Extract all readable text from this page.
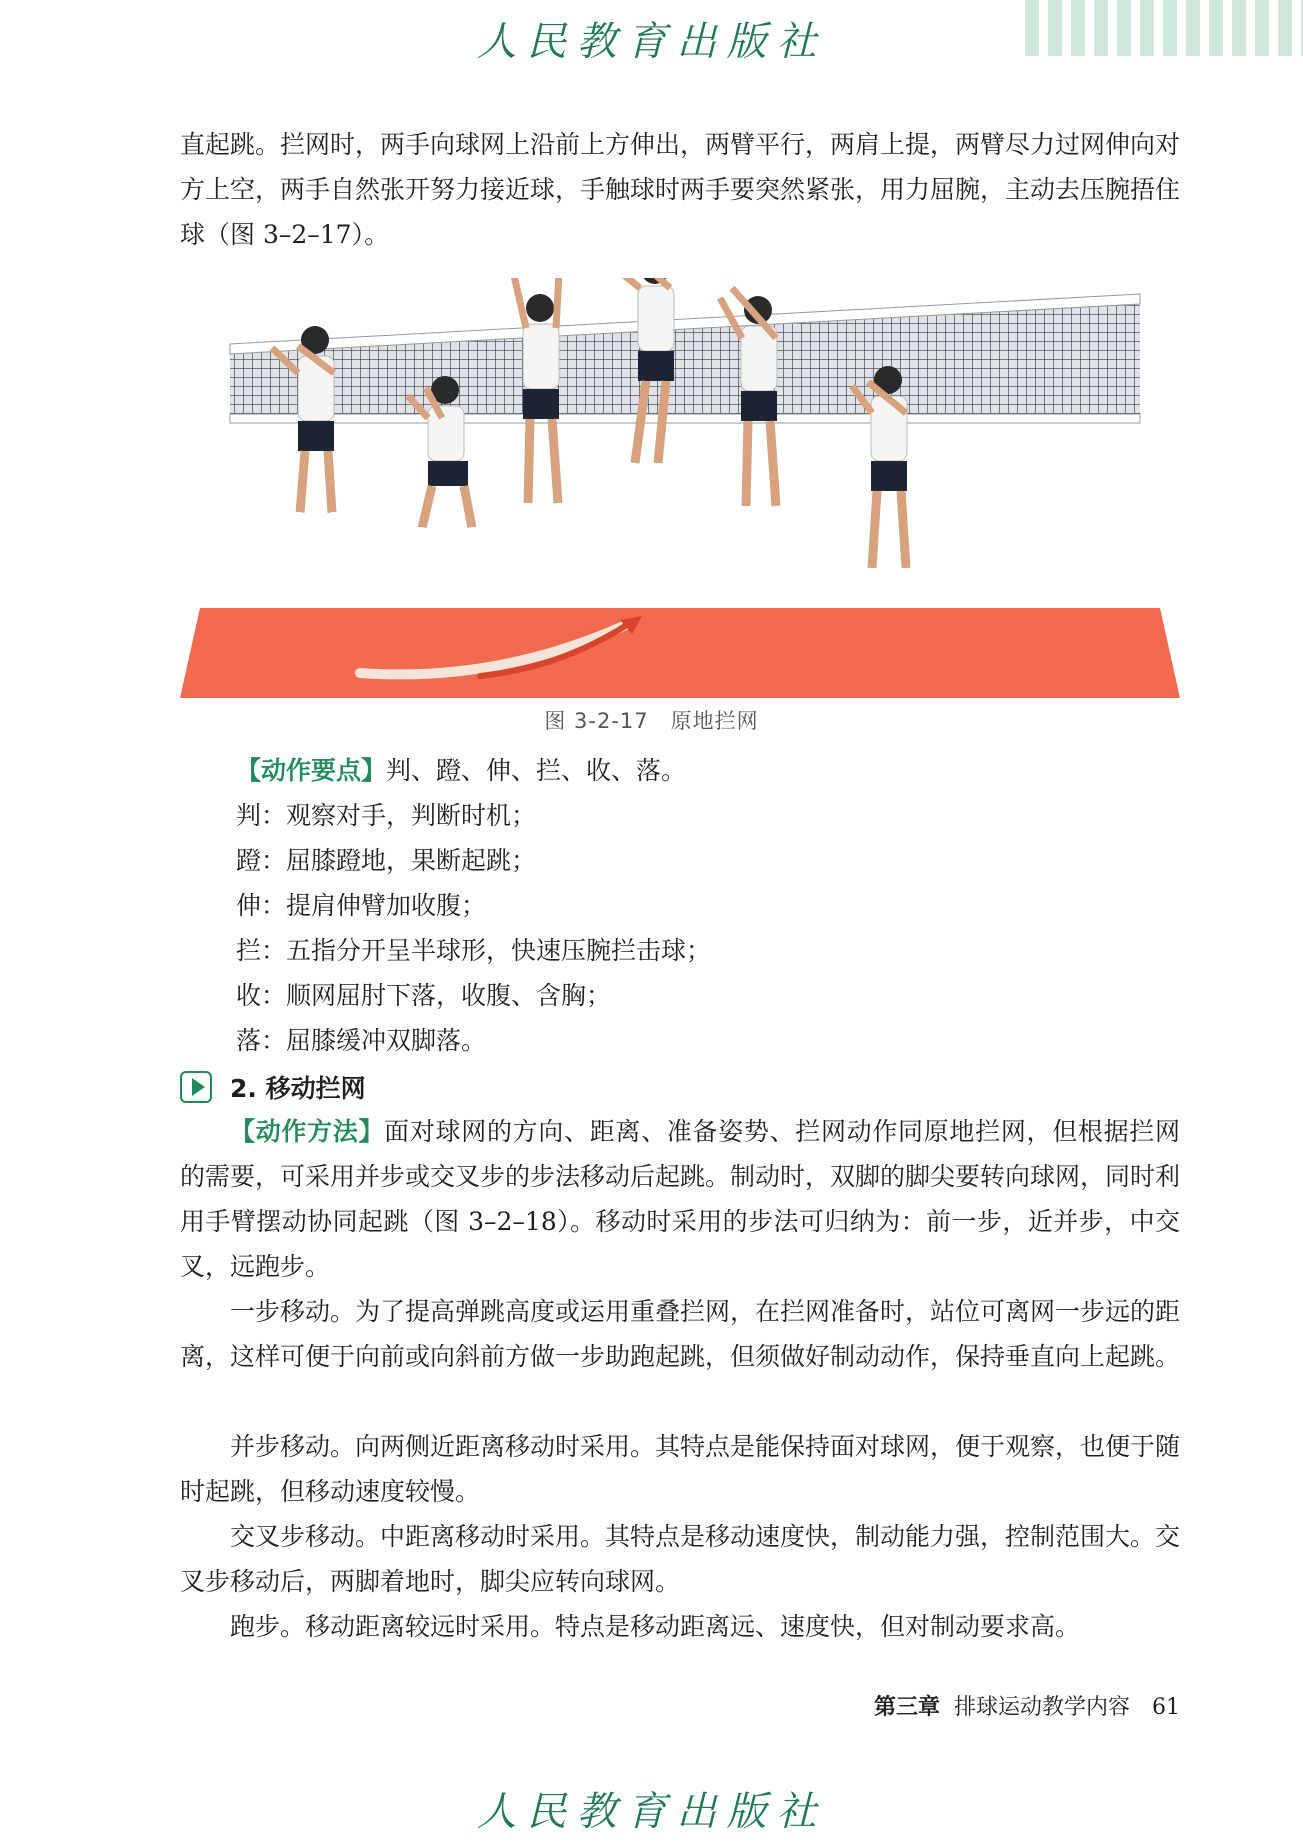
人民教育出版社

直起跳。拦网时，两手向球网上沿前上方伸出，两臂平行，两肩上提，两臂尽力过网伸向对方上空，两手自然张开努力接近球，手触球时两手要突然紧张，用力屈腕，主动去压腕捂住球（图 3–2–17）。

图 3-2-17　原地拦网

【动作要点】判、蹬、伸、拦、收、落。

判：观察对手，判断时机；

蹬：屈膝蹬地，果断起跳；

伸：提肩伸臂加收腹；

拦：五指分开呈半球形，快速压腕拦击球；

收：顺网屈肘下落，收腹、含胸；

落：屈膝缓冲双脚落。

2. 移动拦网

【动作方法】面对球网的方向、距离、准备姿势、拦网动作同原地拦网，但根据拦网的需要，可采用并步或交叉步的步法移动后起跳。制动时，双脚的脚尖要转向球网，同时利用手臂摆动协同起跳（图 3–2–18）。移动时采用的步法可归纳为：前一步，近并步，中交叉，远跑步。

一步移动。为了提高弹跳高度或运用重叠拦网，在拦网准备时，站位可离网一步远的距离，这样可便于向前或向斜前方做一步助跑起跳，但须做好制动动作，保持垂直向上起跳。

并步移动。向两侧近距离移动时采用。其特点是能保持面对球网，便于观察，也便于随时起跳，但移动速度较慢。

交叉步移动。中距离移动时采用。其特点是移动速度快，制动能力强，控制范围大。交叉步移动后，两脚着地时，脚尖应转向球网。

跑步。移动距离较远时采用。特点是移动距离远、速度快，但对制动要求高。

第三章 排球运动教学内容 61
人民教育出版社
